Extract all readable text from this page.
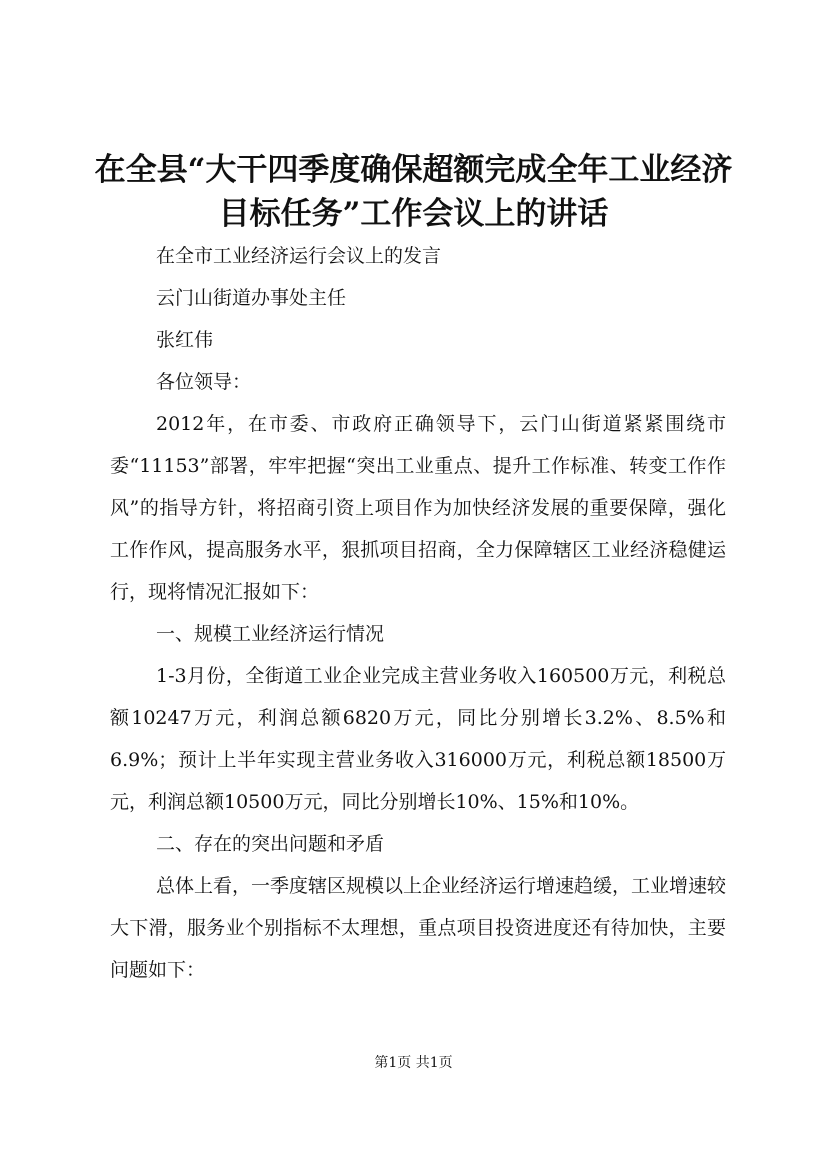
在全县“大干四季度确保超额完成全年工业经济目标任务”工作会议上的讲话

在全市工业经济运行会议上的发言

云门山街道办事处主任

张红伟

各位领导：

2012年，在市委、市政府正确领导下，云门山街道紧紧围绕市委“11153”部署，牢牢把握“突出工业重点、提升工作标准、转变工作作风”的指导方针，将招商引资上项目作为加快经济发展的重要保障，强化工作作风，提高服务水平，狠抓项目招商，全力保障辖区工业经济稳健运行，现将情况汇报如下：

一、规模工业经济运行情况

1-3月份，全街道工业企业完成主营业务收入160500万元，利税总额10247万元，利润总额6820万元，同比分别增长3.2%、8.5%和6.9%；预计上半年实现主营业务收入316000万元，利税总额18500万元，利润总额10500万元，同比分别增长10%、15%和10%。

二、存在的突出问题和矛盾

总体上看，一季度辖区规模以上企业经济运行增速趋缓，工业增速较大下滑，服务业个别指标不太理想，重点项目投资进度还有待加快，主要问题如下：

第1页 共1页
